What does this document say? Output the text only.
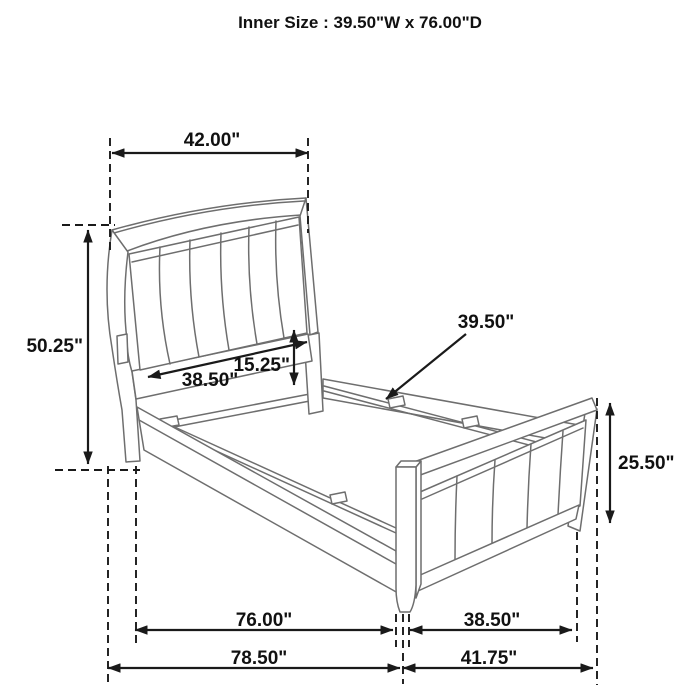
Inner Size : 39.50"W x 76.00"D
42.00"
50.25"
38.50"
15.25"
39.50"
25.50"
76.00"	38.50"
78.50"	41.75"
